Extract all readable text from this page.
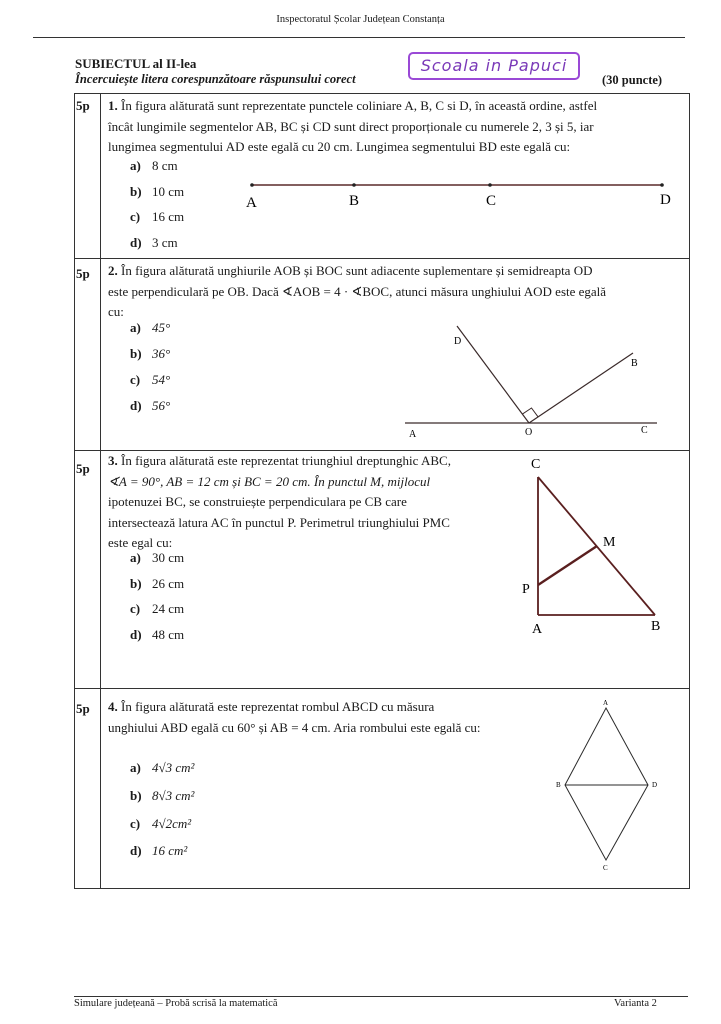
Inspectoratul Școlar Județean Constanța
SUBIECTUL al II-lea
Încercuiește litera corespunzătoare răspunsului corect
Scoala in Papuci
(30 puncte)
5p 1. În figura alăturată sunt reprezentate punctele coliniare A, B, C si D, în această ordine, astfel
încât lungimile segmentelor AB, BC și CD sunt direct proporționale cu numerele 2, 3 și 5, iar
lungimea segmentului AD este egală cu 20 cm. Lungimea segmentului BD este egală cu:
a) 8 cm
b) 10 cm
c) 16 cm
d) 3 cm
A	B	C	D
5p 2. În figura alăturată unghiurile AOB și BOC sunt adiacente suplementare și semidreapta OD
este perpendiculară pe OB. Dacă ∢AOB = 4 · ∢BOC, atunci măsura unghiului AOD este egală
cu:
a) 45°
b) 36°
c) 54°
d) 56°
D
B
A	O	C
5p
3. În figura alăturată este reprezentat triunghiul dreptunghic ABC,
∢A = 90°, AB = 12 cm și BC = 20 cm. În punctul M, mijlocul
ipotenuzei BC, se construiește perpendiculara pe CB care
intersectează latura AC în punctul P. Perimetrul triunghiului PMC
este egal cu:
a) 30 cm
b) 26 cm
c) 24 cm
d) 48 cm
C
M
P
A	B
5p 4. În figura alăturată este reprezentat rombul ABCD cu măsura
unghiului ABD egală cu 60° și AB = 4 cm. Aria rombului este egală cu:
a) 4√3 cm²
b) 8√3 cm²
c) 4√2cm²
d) 16 cm²
A
B	D
C
Simulare județeană – Probă scrisă la matematică	Varianta 2
